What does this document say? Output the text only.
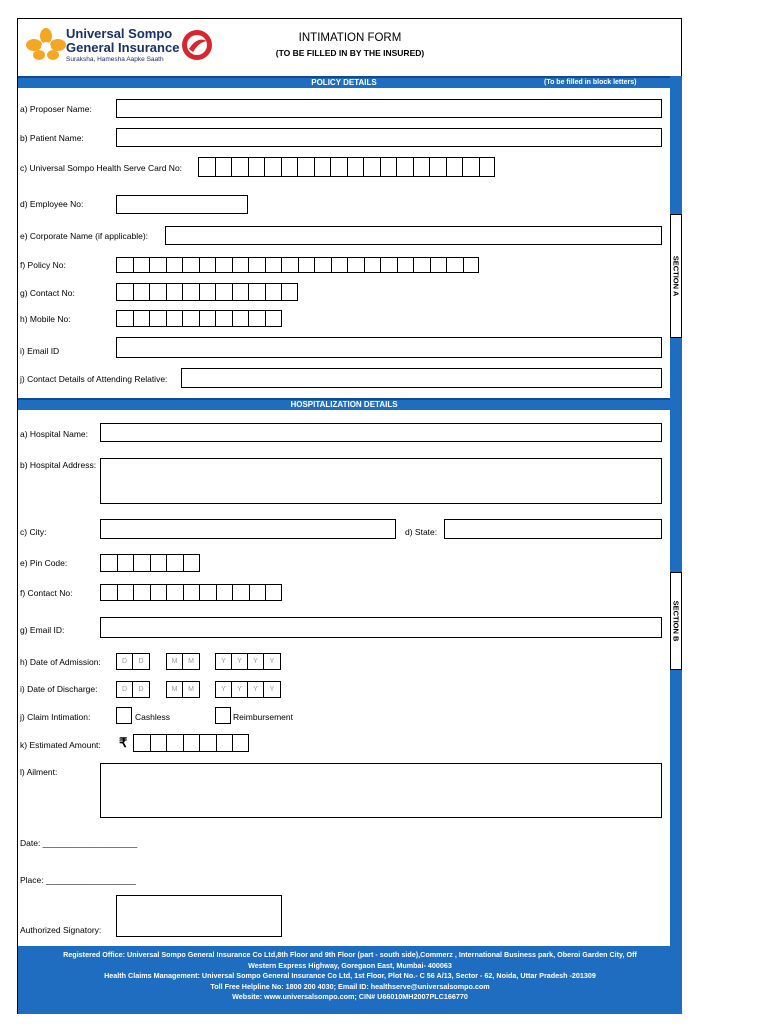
Universal Sompo
General Insurance
Suraksha, Hamesha Aapke Saath
INTIMATION FORM
(TO BE FILLED IN BY THE INSURED)
POLICY DETAILS	(To be filled in block letters)
SECTION A
SECTION B
a) Proposer Name:
b) Patient Name:
c) Universal Sompo Health Serve Card No:
d) Employee No:
e) Corporate Name (if applicable):
f) Policy No:
g) Contact No:
h) Mobile No:
i) Email ID
j) Contact Details of Attending Relative:
HOSPITALIZATION DETAILS
a) Hospital Name:
b) Hospital Address:
c) City:	d) State:
e) Pin Code:
f) Contact No:
g) Email ID:
h) Date of Admission:	D	D	M	M	Y	Y	Y	Y
i) Date of Discharge:	D	D	M	M	Y	Y	Y	Y
j) Claim Intimation:	Cashless	Reimbursement
k) Estimated Amount: ₹
l) Ailment:
Date: ____________________
Place: ___________________
Authorized Signatory:
Registered Office: Universal Sompo General Insurance Co Ltd,8th Floor and 9th Floor (part - south side),Commerz , International Business park, Oberoi Garden City, Off
Western Express Highway, Goregaon East, Mumbai- 400063
Health Claims Management: Universal Sompo General Insurance Co Ltd, 1st Floor, Plot No.- C 56 A/13, Sector - 62, Noida, Uttar Pradesh -201309
Toll Free Helpline No: 1800 200 4030; Email ID: healthserve@universalsompo.com
Website: www.universalsompo.com; CIN# U66010MH2007PLC166770
